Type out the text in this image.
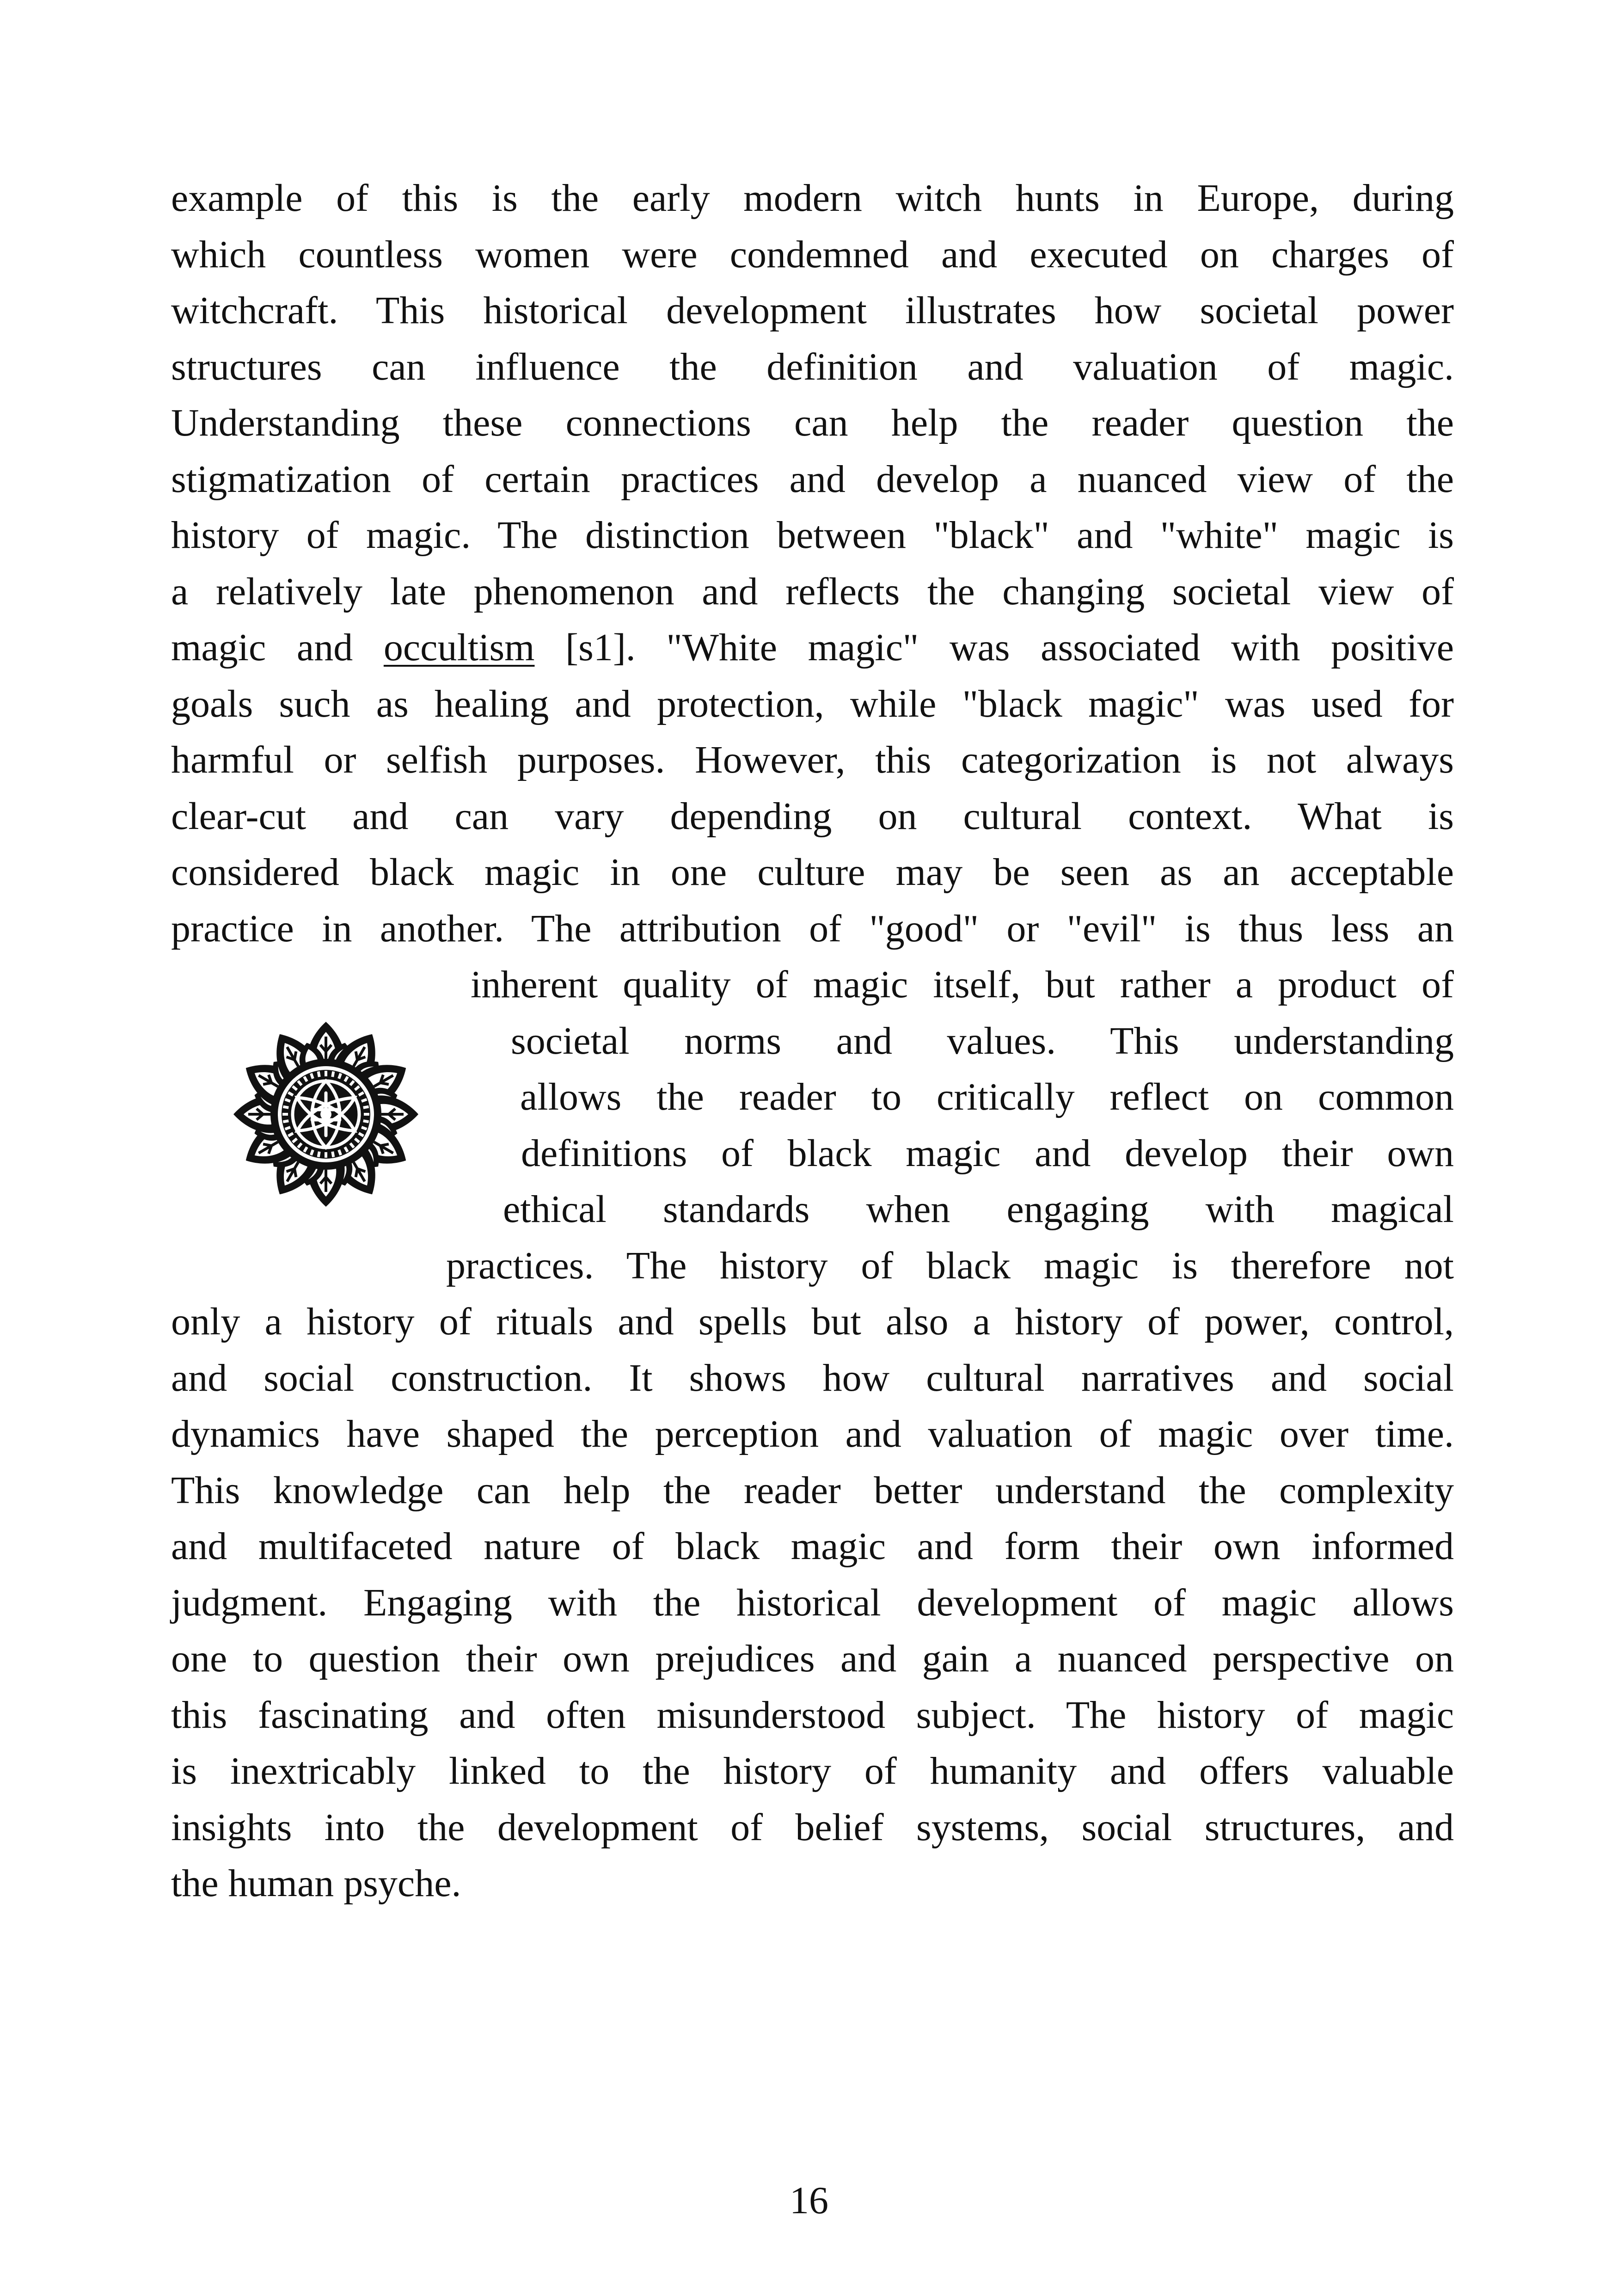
example of this is the early modern witch hunts in Europe, during
which countless women were condemned and executed on charges of
witchcraft. This historical development illustrates how societal power
structures can influence the definition and valuation of magic.
Understanding these connections can help the reader question the
stigmatization of certain practices and develop a nuanced view of the
history of magic. The distinction between "black" and "white" magic is
a relatively late phenomenon and reflects the changing societal view of
magic and occultism [s1]. "White magic" was associated with positive
goals such as healing and protection, while "black magic" was used for
harmful or selfish purposes. However, this categorization is not always
clear-cut and can vary depending on cultural context. What is
considered black magic in one culture may be seen as an acceptable
practice in another. The attribution of "good" or "evil" is thus less an
inherent quality of magic itself, but rather a product of
societal norms and values. This understanding
allows the reader to critically reflect on common
definitions of black magic and develop their own
ethical standards when engaging with magical
practices. The history of black magic is therefore not
only a history of rituals and spells but also a history of power, control,
and social construction. It shows how cultural narratives and social
dynamics have shaped the perception and valuation of magic over time.
This knowledge can help the reader better understand the complexity
and multifaceted nature of black magic and form their own informed
judgment. Engaging with the historical development of magic allows
one to question their own prejudices and gain a nuanced perspective on
this fascinating and often misunderstood subject. The history of magic
is inextricably linked to the history of humanity and offers valuable
insights into the development of belief systems, social structures, and
the human psyche.
16
